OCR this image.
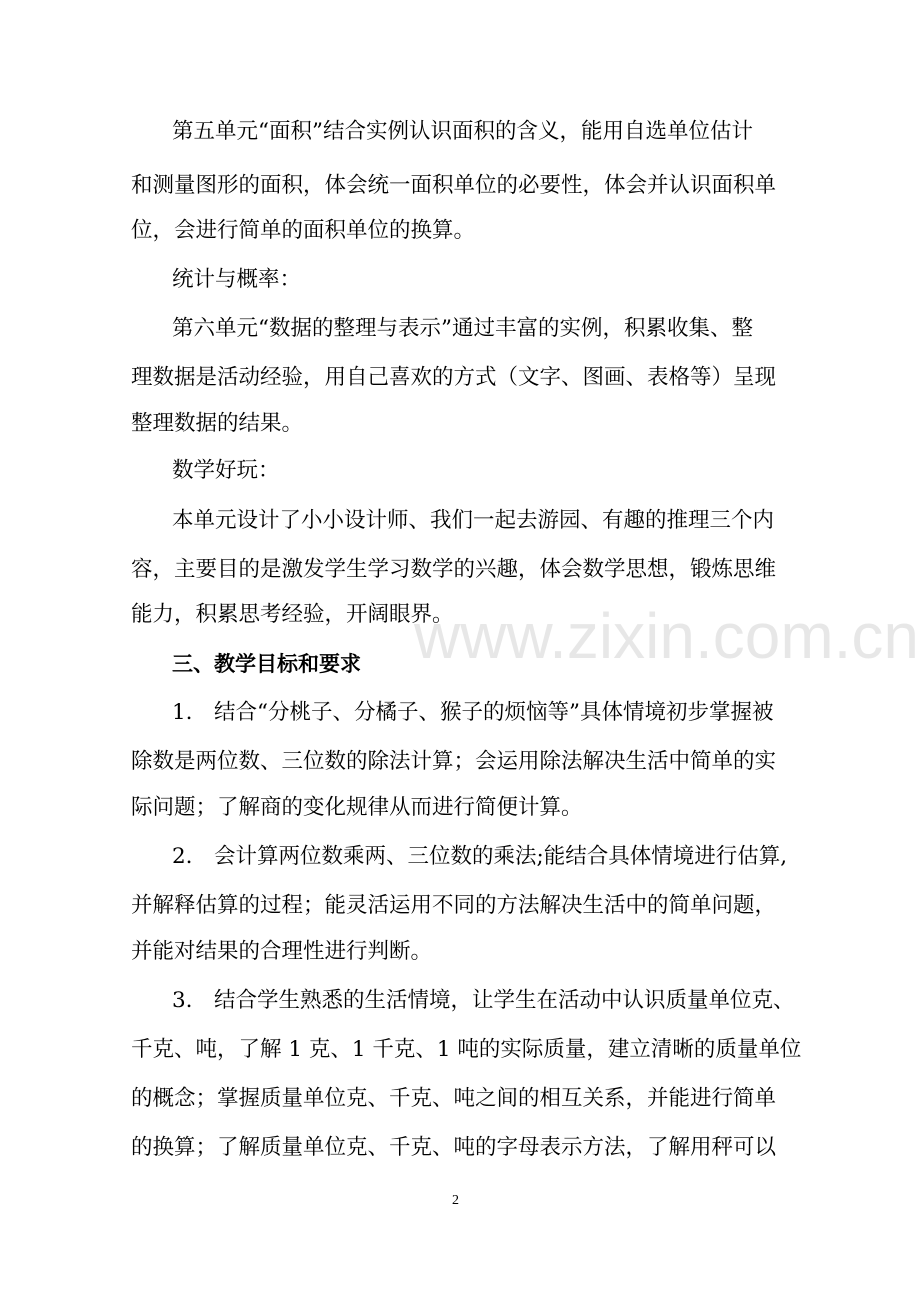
www.zixin.com.cn

第五单元“面积”结合实例认识面积的含义，能用自选单位估计

和测量图形的面积，体会统一面积单位的必要性，体会并认识面积单

位，会进行简单的面积单位的换算。

统计与概率：

第六单元“数据的整理与表示”通过丰富的实例，积累收集、整

理数据是活动经验，用自己喜欢的方式（文字、图画、表格等）呈现

整理数据的结果。

数学好玩：

本单元设计了小小设计师、我们一起去游园、有趣的推理三个内

容，主要目的是激发学生学习数学的兴趣，体会数学思想，锻炼思维

能力，积累思考经验，开阔眼界。

三、教学目标和要求

1.　结合“分桃子、分橘子、猴子的烦恼等”具体情境初步掌握被

除数是两位数、三位数的除法计算；会运用除法解决生活中简单的实

际问题；了解商的变化规律从而进行简便计算。

2.　会计算两位数乘两、三位数的乘法;能结合具体情境进行估算,

并解释估算的过程；能灵活运用不同的方法解决生活中的简单问题，

并能对结果的合理性进行判断。

3.　结合学生熟悉的生活情境，让学生在活动中认识质量单位克、

千克、吨，了解 1 克、1 千克、1 吨的实际质量，建立清晰的质量单位

的概念；掌握质量单位克、千克、吨之间的相互关系，并能进行简单

的换算；了解质量单位克、千克、吨的字母表示方法，了解用秤可以

2
